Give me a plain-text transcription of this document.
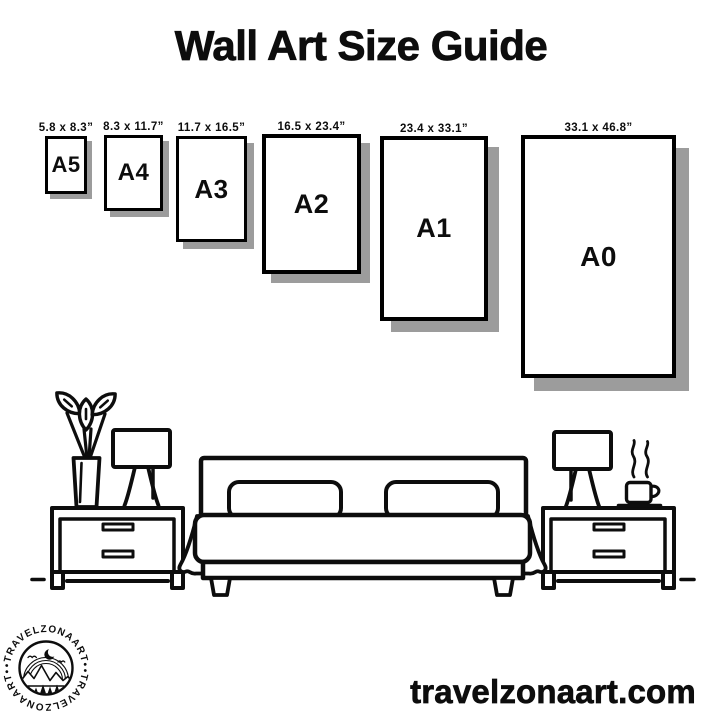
Wall Art Size Guide
5.8 x 8.3”
A5
8.3 x 11.7”
A4
11.7 x 16.5”
A3
16.5 x 23.4”
A2
23.4 x 33.1”
A1
33.1 x 46.8”
A0
•TRAVELZONAART•
•TRAVELZONAART•
travelzonaart.com
